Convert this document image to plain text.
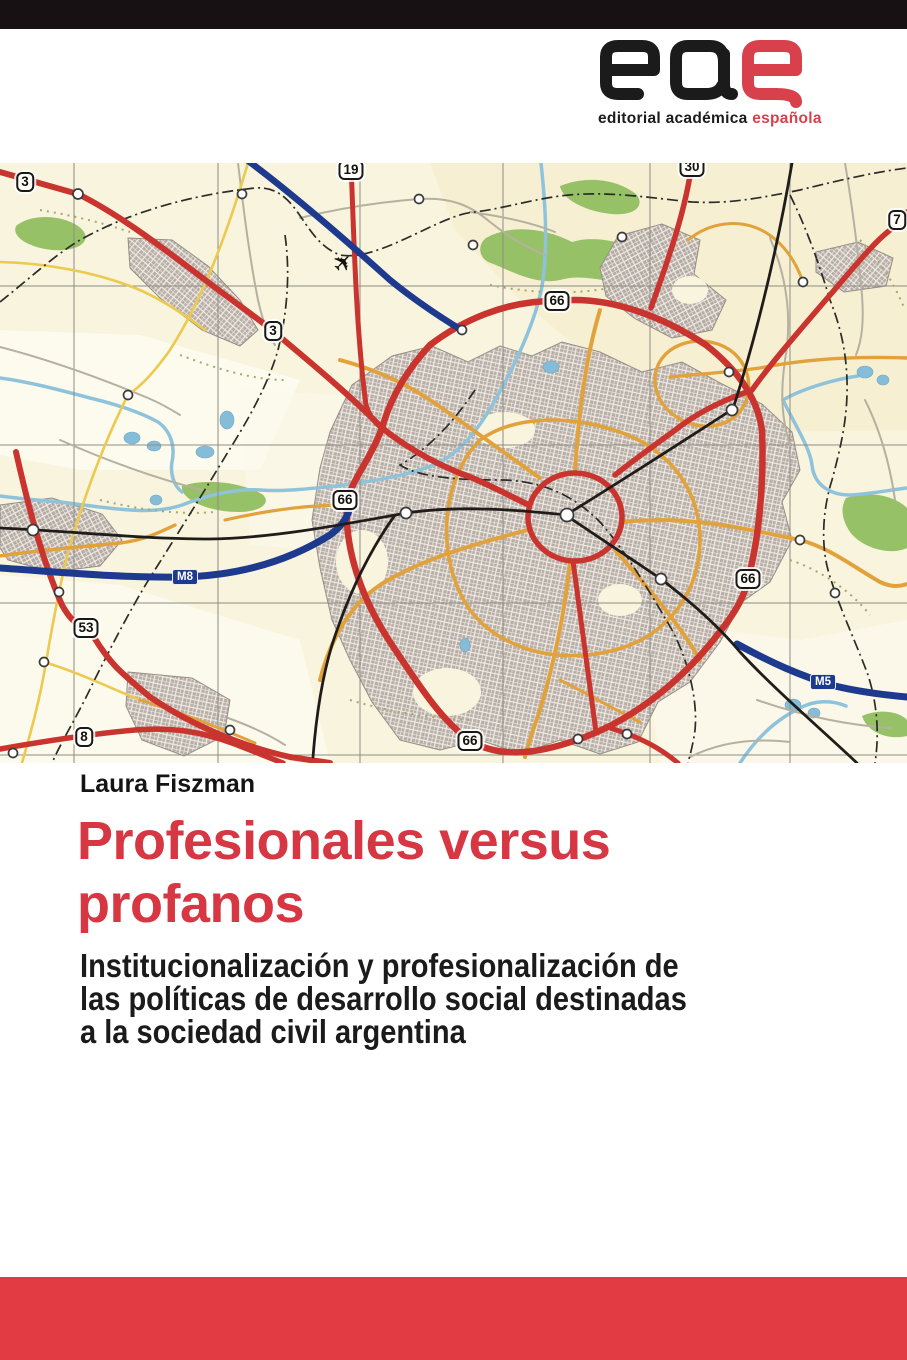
editorial académica española
3
19
3
30
7
66
66
66
66
53
8
M8
M5
✈
Laura Fiszman
Profesionales versus
profanos
Institucionalización y profesionalización de
las políticas de desarrollo social destinadas
a la sociedad civil argentina
